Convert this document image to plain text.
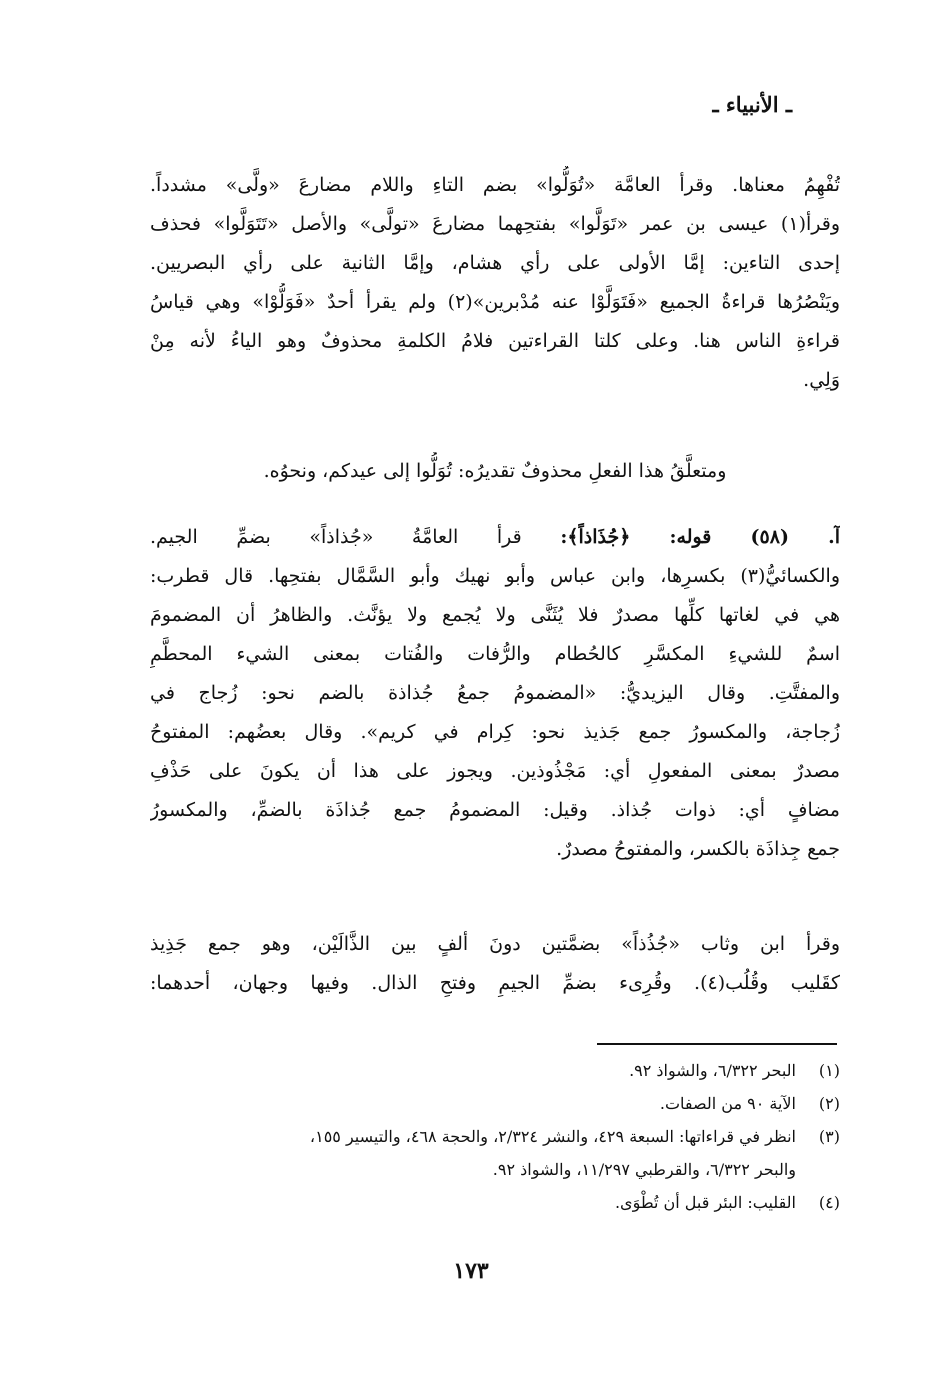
ـ الأنبياء ـ
تُفْهِمُ معناها. وقرأ العامَّة «تُوَلُّوا» بضم التاءِ واللام مضارعَ «ولَّى» مشدداً.
وقرأ(١) عيسى بن عمر «تَوَلَّوا» بفتحِهما مضارعَ «تولَّى» والأصل «تَتَوَلَّوا» فحذف
إحدى التاءين: إمَّا الأولى على رأي هشام، وإمَّا الثانية على رأي البصريين.
ويَنْصُرُها قراءةُ الجميع «فَتَوَلَّوْا عنه مُدْبرين»(٢) ولم يقرأ أحدٌ «فَوَلُّوْا» وهي قياسُ
قراءةِ الناس هنا. وعلى كلتا القراءتين فلامُ الكلمةِ محذوفٌ وهو الياءُ لأنه مِنْ
وَلِي.
ومتعلَّقُ هذا الفعلِ محذوفٌ تقديرُه: تُوَلُّوا إلى عيدكم، ونحوُه.
آ. (٥٨) قوله: ﴿جُذَاذاً﴾: قرأ العامَّةُ «جُذاذاً» بضمِّ الجيم.
والكسائيُّ(٣) بكسرِها، وابن عباس وأبو نهيك وأبو السَّمَّال بفتحِها. قال قطرب:
هي في لغاتها كلِّها مصدرٌ فلا يُثَنَّى ولا يُجمع ولا يؤنَّث. والظاهرُ أن المضمومَ
اسمٌ للشيءِ المكسَّرِ كالحُطام والرُّفات والفُتات بمعنى الشيء المحطَّمِ
والمفتَّتِ. وقال اليزيديُّ: «المضمومُ جمعُ جُذاذة بالضم نحو: زُجاج في
زُجاجة، والمكسورُ جمع جَذيذ نحو: كِرام في كريم». وقال بعضُهم: المفتوحُ
مصدرٌ بمعنى المفعولِ أي: مَجْذُوذين. ويجوز على هذا أن يكونَ على حَذْفِ
مضافٍ أي: ذوات جُذاذ. وقيل: المضمومُ جمع جُذاذَة بالضمِّ، والمكسورُ
جمع جِذاذَة بالكسر، والمفتوحُ مصدرٌ.
وقرأ ابن وثاب «جُذُذاً» بضمَّتين دونَ ألفٍ بين الذَّالَيْن، وهو جمع جَذِيذ
كقَليب وقُلُب(٤). وقُرِىء بضمِّ الجيمِ وفتحِ الذال. وفيها وجهان، أحدهما:
(١)البحر ٦/٣٢٢، والشواذ ٩٢.
(٢)الآية ٩٠ من الصفات.
(٣)انظر في قراءاتها: السبعة ٤٢٩، والنشر ٢/٣٢٤، والحجة ٤٦٨، والتيسير ١٥٥،
والبحر ٦/٣٢٢، والقرطبي ١١/٢٩٧، والشواذ ٩٢.
(٤)القليب: البئر قبل أن تُطْوَى.
١٧٣
